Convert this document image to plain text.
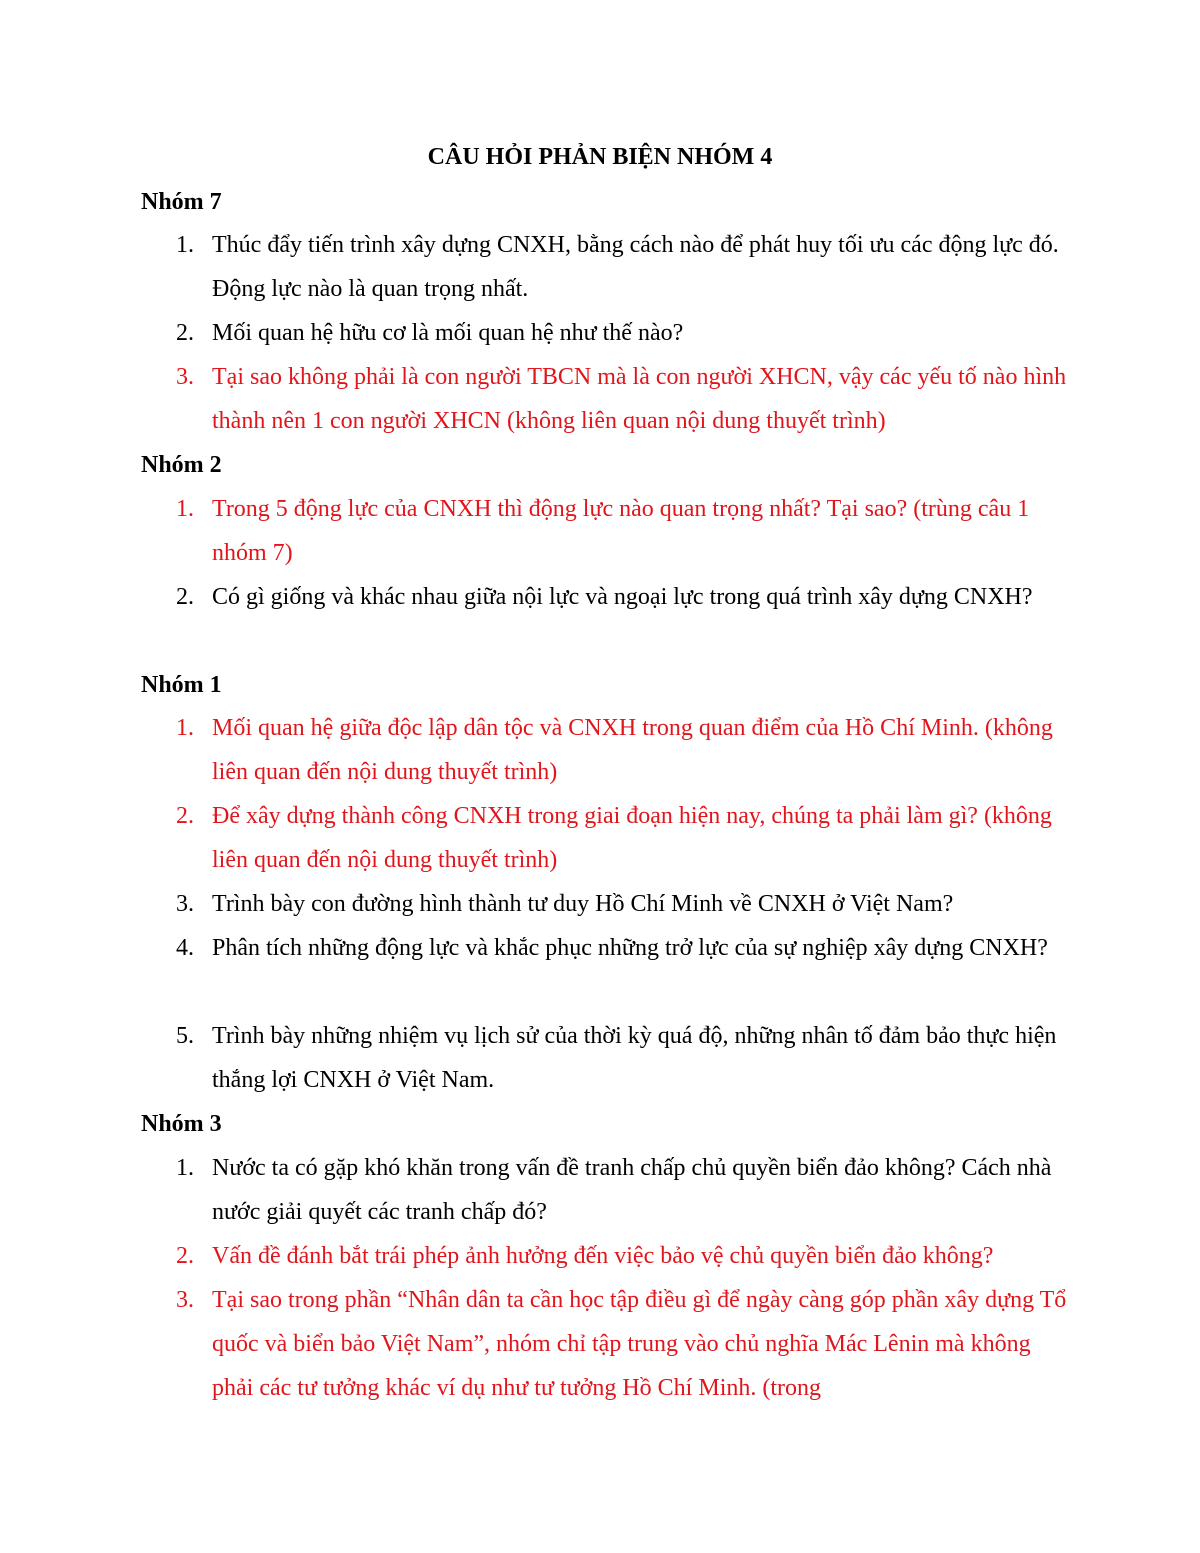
CÂU HỎI PHẢN BIỆN NHÓM 4
Nhóm 7
1. Thúc đẩy tiến trình xây dựng CNXH, bằng cách nào để phát huy tối ưu các động lực đó. Động lực nào là quan trọng nhất.
2. Mối quan hệ hữu cơ là mối quan hệ như thế nào?
3. Tại sao không phải là con người TBCN mà là con người XHCN, vậy các yếu tố nào hình thành nên 1 con người XHCN (không liên quan nội dung thuyết trình)
Nhóm 2
1. Trong 5 động lực của CNXH thì động lực nào quan trọng nhất? Tại sao? (trùng câu 1 nhóm 7)
2. Có gì giống và khác nhau giữa nội lực và ngoại lực trong quá trình xây dựng CNXH?
Nhóm 1
1. Mối quan hệ giữa độc lập dân tộc và CNXH trong quan điểm của Hồ Chí Minh. (không liên quan đến nội dung thuyết trình)
2. Để xây dựng thành công CNXH trong giai đoạn hiện nay, chúng ta phải làm gì? (không liên quan đến nội dung thuyết trình)
3. Trình bày con đường hình thành tư duy Hồ Chí Minh về CNXH ở Việt Nam?
4. Phân tích những động lực và khắc phục những trở lực của sự nghiệp xây dựng CNXH?
5. Trình bày những nhiệm vụ lịch sử của thời kỳ quá độ, những nhân tố đảm bảo thực hiện thắng lợi CNXH ở Việt Nam.
Nhóm 3
1. Nước ta có gặp khó khăn trong vấn đề tranh chấp chủ quyền biển đảo không? Cách nhà nước giải quyết các tranh chấp đó?
2. Vấn đề đánh bắt trái phép ảnh hưởng đến việc bảo vệ chủ quyền biển đảo không?
3. Tại sao trong phần “Nhân dân ta cần học tập điều gì để ngày càng góp phần xây dựng Tổ quốc và biển bảo Việt Nam”, nhóm chỉ tập trung vào chủ nghĩa Mác Lênin mà không phải các tư tưởng khác ví dụ như tư tưởng Hồ Chí Minh. (trong
